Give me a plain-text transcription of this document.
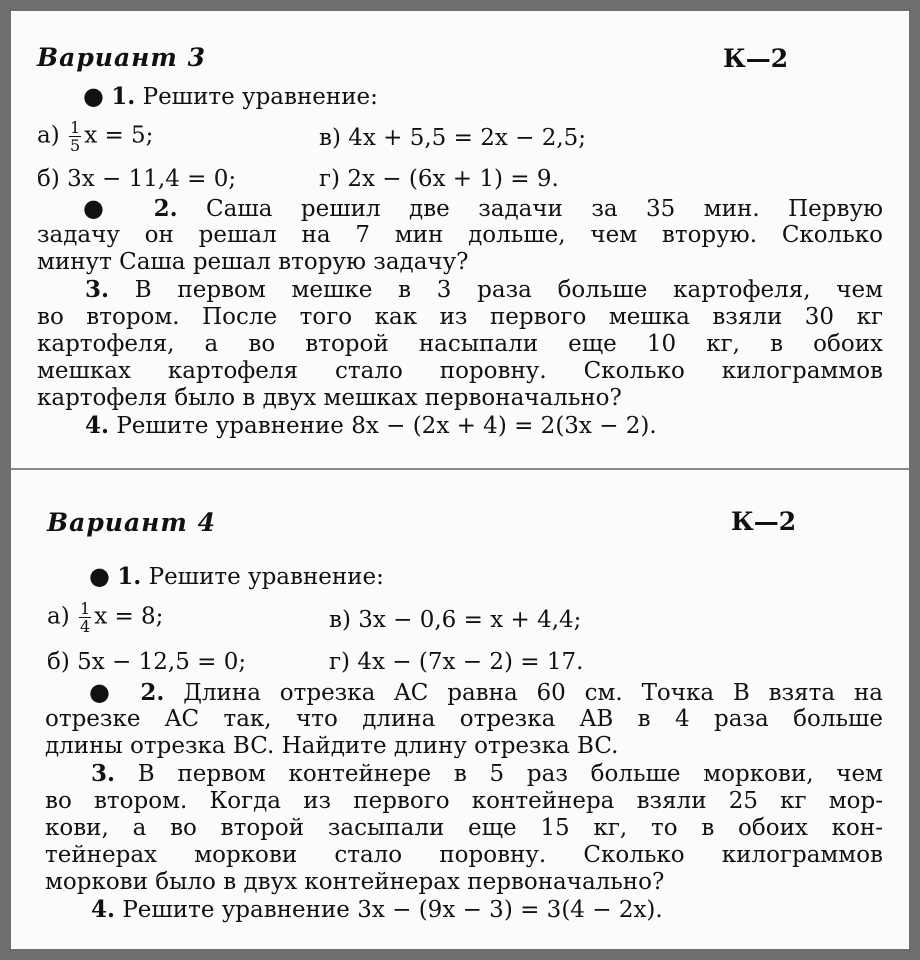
Вариант 3	К—2
● 1. Решите уравнение:
$а) \frac{1}{5}$ x = 5;	в) 4x + 5,5 = 2x − 2,5;
б) 3x − 11,4 = 0;	г) 2x − (6x + 1) = 9.
● 2. Саша решил две задачи за 35 мин. Первую
задачу он решал на 7 мин дольше, чем вторую. Сколько
минут Саша решал вторую задачу?
3. В первом мешке в 3 раза больше картофеля, чем
во втором. После того как из первого мешка взяли 30 кг
картофеля, а во второй насыпали еще 10 кг, в обоих
мешках картофеля стало поровну. Сколько килограммов
картофеля было в двух мешках первоначально?
4. Решите уравнение 8x − (2x + 4) = 2(3x − 2).
Вариант 4	К—2
● 1. Решите уравнение:
$а) \frac{1}{4}$ x = 8;	в) 3x − 0,6 = x + 4,4;
б) 5x − 12,5 = 0;	г) 4x − (7x − 2) = 17.
● 2. Длина отрезка AC равна 60 см. Точка B взята на
отрезке AC так, что длина отрезка AB в 4 раза больше
длины отрезка BC. Найдите длину отрезка BC.
3. В первом контейнере в 5 раз больше моркови, чем
во втором. Когда из первого контейнера взяли 25 кг мор-
кови, а во второй засыпали еще 15 кг, то в обоих кон-
тейнерах моркови стало поровну. Сколько килограммов
моркови было в двух контейнерах первоначально?
4. Решите уравнение 3x − (9x − 3) = 3(4 − 2x).
